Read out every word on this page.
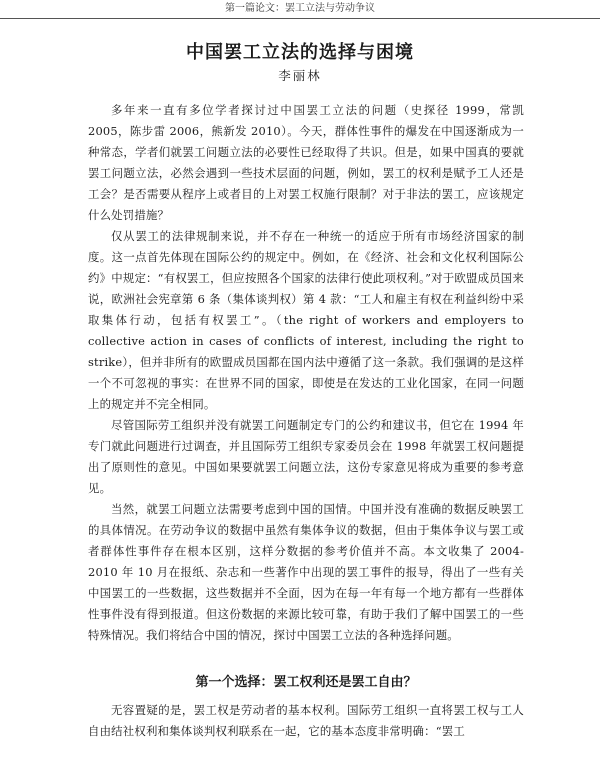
第一篇论文：罢工立法与劳动争议
中国罢工立法的选择与困境
李丽林

多年来一直有多位学者探讨过中国罢工立法的问题（史探径 1999，常凯 2005，陈步雷 2006，熊新发 2010）。今天，群体性事件的爆发在中国逐渐成为一种常态，学者们就罢工问题立法的必要性已经取得了共识。但是，如果中国真的要就罢工问题立法，必然会遇到一些技术层面的问题，例如，罢工的权利是赋予工人还是工会？是否需要从程序上或者目的上对罢工权施行限制？对于非法的罢工，应该规定什么处罚措施？

仅从罢工的法律规制来说，并不存在一种统一的适应于所有市场经济国家的制度。这一点首先体现在国际公约的规定中。例如，在《经济、社会和文化权利国际公约》中规定：“有权罢工，但应按照各个国家的法律行使此项权利。”对于欧盟成员国来说，欧洲社会宪章第 6 条（集体谈判权）第 4 款：“工人和雇主有权在利益纠纷中采取集体行动，包括有权罢工”。（the right of workers and employers to collective action in cases of conflicts of interest, including the right to strike），但并非所有的欧盟成员国都在国内法中遵循了这一条款。我们强调的是这样一个不可忽视的事实：在世界不同的国家，即使是在发达的工业化国家，在同一问题上的规定并不完全相同。

尽管国际劳工组织并没有就罢工问题制定专门的公约和建议书，但它在 1994 年专门就此问题进行过调查，并且国际劳工组织专家委员会在 1998 年就罢工权问题提出了原则性的意见。中国如果要就罢工问题立法，这份专家意见将成为重要的参考意见。

当然，就罢工问题立法需要考虑到中国的国情。中国并没有准确的数据反映罢工的具体情况。在劳动争议的数据中虽然有集体争议的数据，但由于集体争议与罢工或者群体性事件存在根本区别，这样分数据的参考价值并不高。本文收集了 2004-2010 年 10 月在报纸、杂志和一些著作中出现的罢工事件的报导，得出了一些有关中国罢工的一些数据，这些数据并不全面，因为在每一年有每一个地方都有一些群体性事件没有得到报道。但这份数据的来源比较可靠，有助于我们了解中国罢工的一些特殊情况。我们将结合中国的情况，探讨中国罢工立法的各种选择问题。

第一个选择：罢工权利还是罢工自由？

无容置疑的是，罢工权是劳动者的基本权利。国际劳工组织一直将罢工权与工人自由结社权利和集体谈判权利联系在一起，它的基本态度非常明确：“罢工
